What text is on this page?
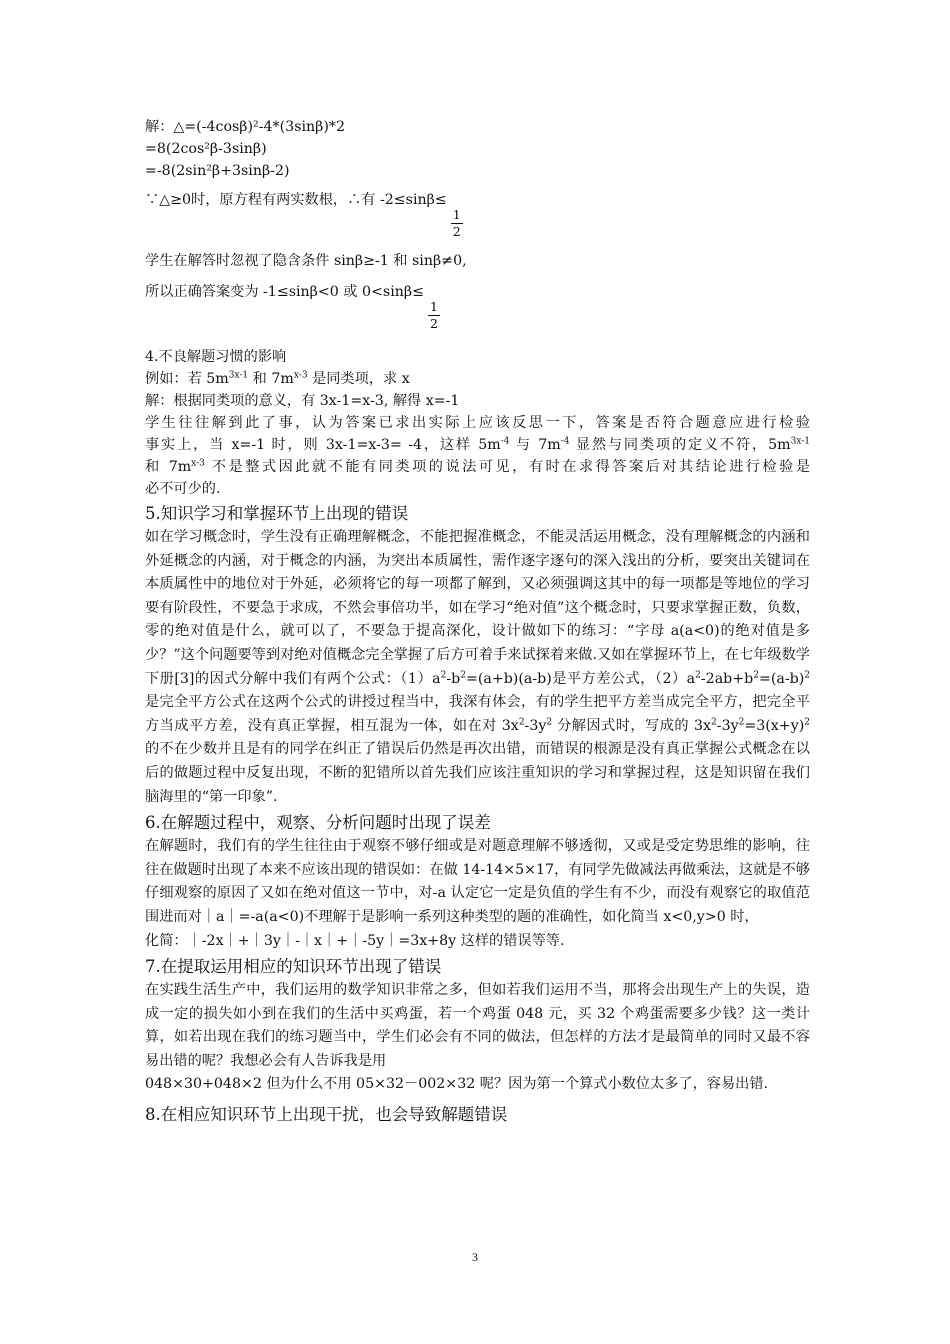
解：△=(-4cosβ)²-4*(3sinβ)*2
=8(2cos²β-3sinβ)
=-8(2sin²β+3sinβ-2)
∵△≥0时，原方程有两实数根，∴有 -2≤sinβ≤
$\frac{1}{2}$
学生在解答时忽视了隐含条件 sinβ≥-1 和 sinβ≠0,
所以正确答案变为 -1≤sinβ<0 或 0<sinβ≤
$\frac{1}{2}$
4.不良解题习惯的影响
例如：若 $5m^{3x-1}$ 和 $7m^{x-3}$ 是同类项，求 x
解：根据同类项的意义，有 3x-1=x-3, 解得 x=-1
学生往往解到此了事，认为答案已求出实际上应该反思一下，答案是否符合题意应进行检验
事实上，当 x=-1 时，则 3x-1=x-3= -4，这样 $5m^{-4}$ 与 $7m^{-4}$ 显然与同类项的定义不符，$5m^{3x-1}$
和 $7m^{x-3}$ 不是整式因此就不能有同类项的说法可见，有时在求得答案后对其结论进行检验是
必不可少的.
5.知识学习和掌握环节上出现的错误

如在学习概念时，学生没有正确理解概念，不能把握准概念，不能灵活运用概念，没有理解概念的内涵和外延概念的内涵，对于概念的内涵，为突出本质属性，需作逐字逐句的深入浅出的分析，要突出关键词在本质属性中的地位对于外延，必须将它的每一项都了解到，又必须强调这其中的每一项都是等地位的学习要有阶段性，不要急于求成，不然会事倍功半，如在学习“绝对值”这个概念时，只要求掌握正数，负数，零的绝对值是什么，就可以了，不要急于提高深化，设计做如下的练习：“字母 a(a<0)的绝对值是多少？”这个问题要等到对绝对值概念完全掌握了后方可着手来试探着来做.又如在掌握环节上，在七年级数学下册[3]的因式分解中我们有两个公式：$(1)a^2-b^2=(a+b)(a-b)$是平方差公式，$(2)a^2-2ab+b^2=(a-b)^2$ 是完全平方公式在这两个公式的讲授过程当中，我深有体会，有的学生把平方差当成完全平方，把完全平方当成平方差，没有真正掌握，相互混为一体，如在对 $3x^2-3y^2$ 分解因式时，写成的 $3x^2-3y^2=3(x+y)^2$ 的不在少数并且是有的同学在纠正了错误后仍然是再次出错，而错误的根源是没有真正掌握公式概念在以后的做题过程中反复出现，不断的犯错所以首先我们应该注重知识的学习和掌握过程，这是知识留在我们脑海里的“第一印象”.

6.在解题过程中，观察、分析问题时出现了误差

在解题时，我们有的学生往往由于观察不够仔细或是对题意理解不够透彻，又或是受定势思维的影响，往往在做题时出现了本来不应该出现的错误如：在做 14-14×5×17，有同学先做减法再做乘法，这就是不够仔细观察的原因了又如在绝对值这一节中，对-a 认定它一定是负值的学生有不少，而没有观察它的取值范围进而对｜a｜=-a(a<0)不理解于是影响一系列这种类型的题的准确性，如化简当 x<0,y>0 时，

化简：｜-2x｜+｜3y｜-｜x｜+｜-5y｜=3x+8y 这样的错误等等.

7.在提取运用相应的知识环节出现了错误

在实践生活生产中，我们运用的数学知识非常之多，但如若我们运用不当，那将会出现生产上的失误，造成一定的损失如小到在我们的生活中买鸡蛋，若一个鸡蛋 048 元，买 32 个鸡蛋需要多少钱？这一类计算，如若出现在我们的练习题当中，学生们必会有不同的做法，但怎样的方法才是最简单的同时又最不容易出错的呢？我想必会有人告诉我是用

048×30+048×2 但为什么不用 05×32－002×32 呢？因为第一个算式小数位太多了，容易出错.

8.在相应知识环节上出现干扰，也会导致解题错误
3
